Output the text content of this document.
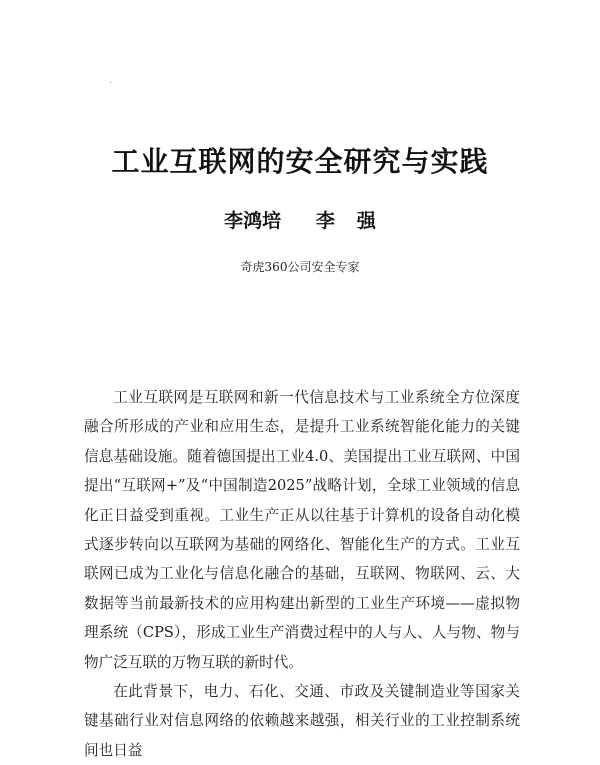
工业互联网的安全研究与实践
李鸿培 李强
奇虎360公司安全专家

工业互联网是互联网和新一代信息技术与工业系统全方位深度融合所形成的产业和应用生态，是提升工业系统智能化能力的关键信息基础设施。随着德国提出工业4.0、美国提出工业互联网、中国提出“互联网+”及“中国制造2025”战略计划，全球工业领域的信息化正日益受到重视。工业生产正从以往基于计算机的设备自动化模式逐步转向以互联网为基础的网络化、智能化生产的方式。工业互联网已成为工业化与信息化融合的基础，互联网、物联网、云、大数据等当前最新技术的应用构建出新型的工业生产环境——虚拟物理系统（CPS），形成工业生产消费过程中的人与人、人与物、物与物广泛互联的万物互联的新时代。

在此背景下，电力、石化、交通、市政及关键制造业等国家关键基础行业对信息网络的依赖越来越强，相关行业的工业控制系统间也日益
